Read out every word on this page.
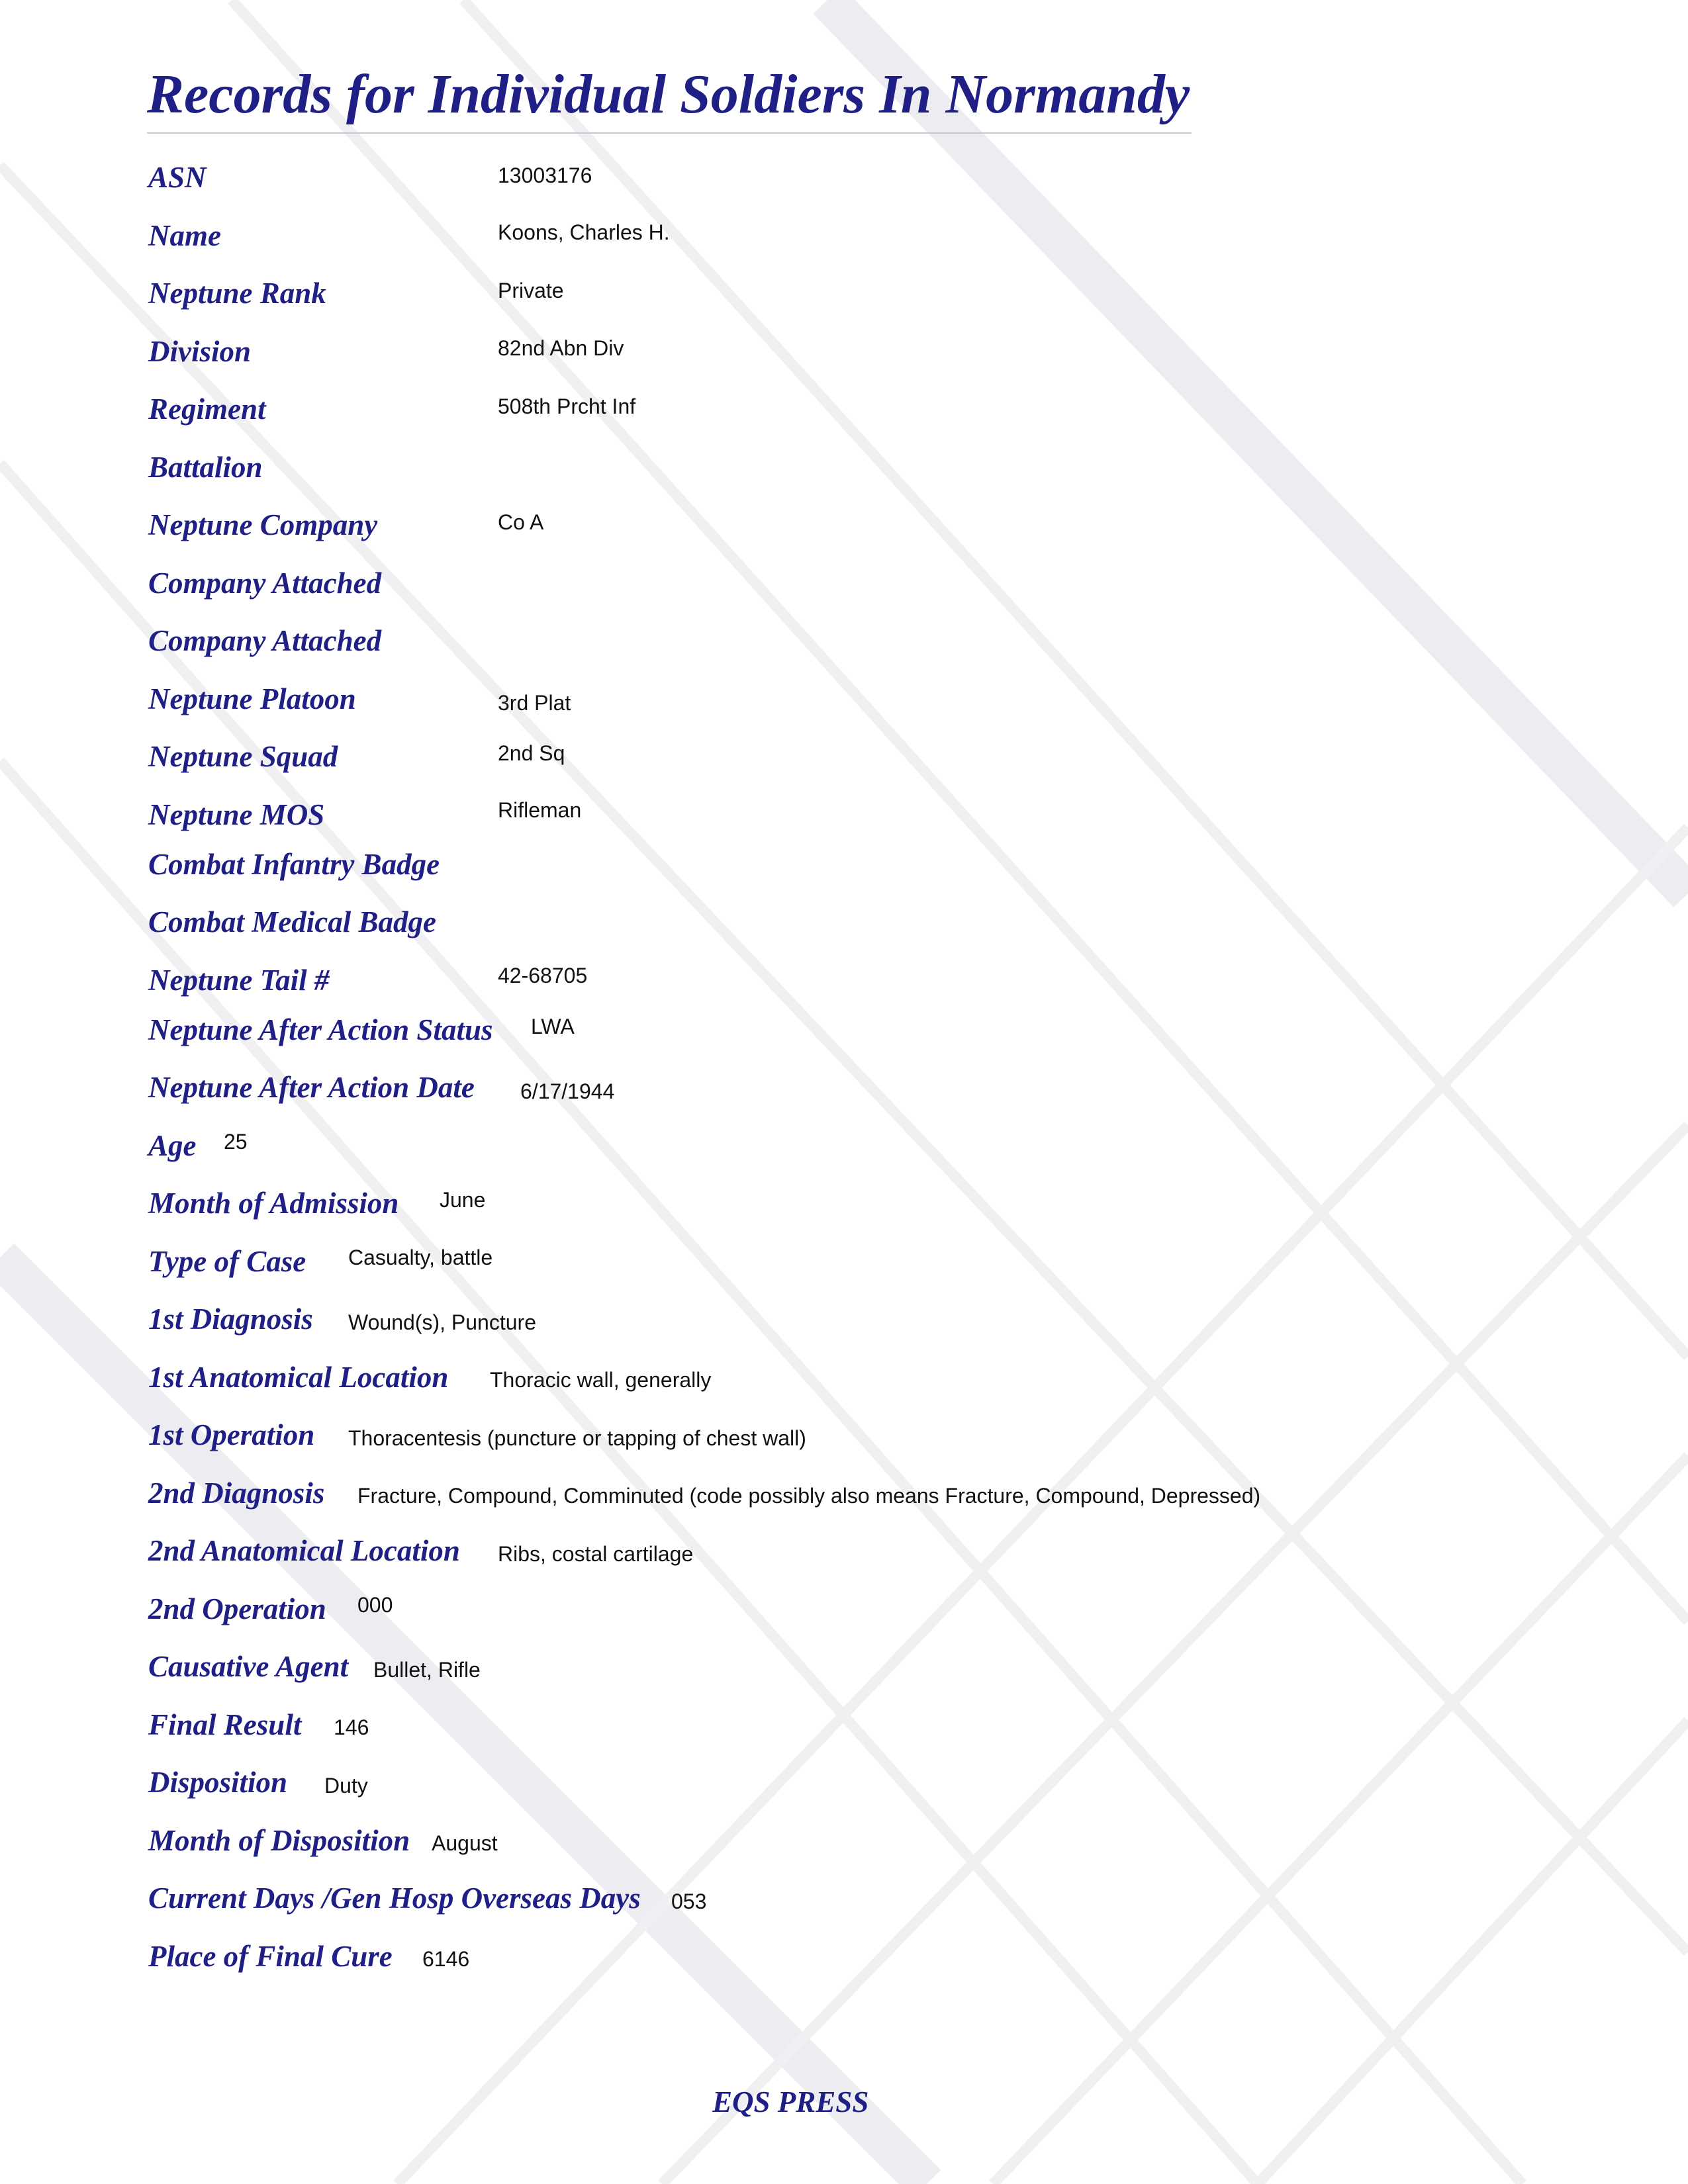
Records for Individual Soldiers In Normandy
ASN	13003176
Name	Koons, Charles H.
Neptune Rank	Private
Division	82nd Abn Div
Regiment	508th Prcht Inf
Battalion
Neptune Company	Co A
Company Attached
Company Attached
Neptune Platoon	3rd Plat
Neptune Squad	2nd Sq
Neptune MOS	Rifleman
Combat Infantry Badge
Combat Medical Badge
Neptune Tail #	42-68705
Neptune After Action Status LWA
Neptune After Action Date 6/17/1944
Age 25
Month of Admission June
Type of Case Casualty, battle
1st Diagnosis Wound(s), Puncture
1st Anatomical Location Thoracic wall, generally
1st Operation Thoracentesis (puncture or tapping of chest wall)
2nd Diagnosis Fracture, Compound, Comminuted (code possibly also means Fracture, Compound, Depressed)
2nd Anatomical Location Ribs, costal cartilage
2nd Operation 000
Causative Agent Bullet, Rifle
Final Result 146
Disposition Duty
Month of Disposition August
Current Days /Gen Hosp Overseas Days 053
Place of Final Cure 6146
EQS PRESS
